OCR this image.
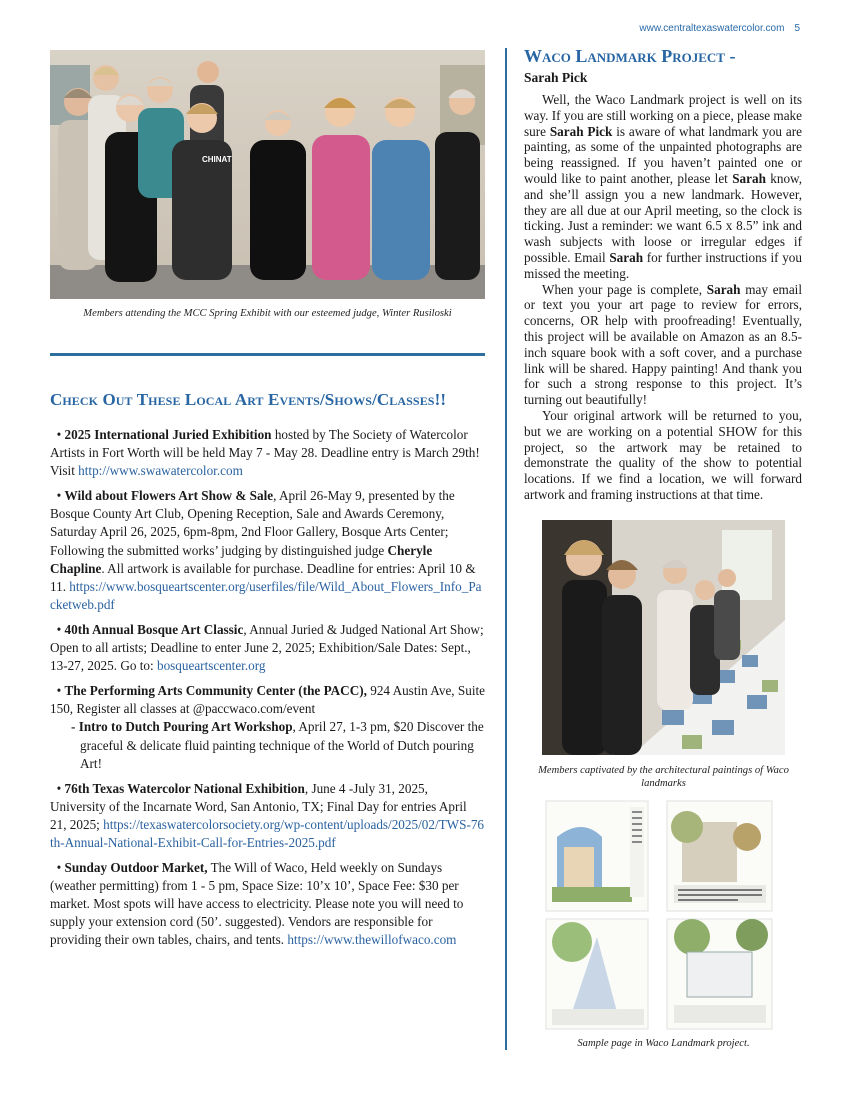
www.centraltexaswatercolor.com 5
CHINAT
Members attending the MCC Spring Exhibit with our esteemed judge, Winter Rusiloski
Check Out These Local Art Events/Shows/Classes!!
• 2025 International Juried Exhibition hosted by The Society of Watercolor Artists in Fort Worth will be held May 7 - May 28. Deadline entry is March 29th! Visit http://www.swawatercolor.com
• Wild about Flowers Art Show & Sale, April 26-May 9, presented by the Bosque County Art Club, Opening Reception, Sale and Awards Ceremony, Saturday April 26, 2025, 6pm-8pm, 2nd Floor Gallery, Bosque Arts Center; Following the submitted works’ judging by distinguished judge Cheryle Chapline. All artwork is available for purchase. Deadline for entries: April 10 & 11. https://www.bosqueartscenter.org/userfiles/file/Wild_About_Flowers_Info_Packetweb.pdf
• 40th Annual Bosque Art Classic, Annual Juried & Judged National Art Show; Open to all artists; Deadline to enter June 2, 2025; Exhibition/Sale Dates: Sept., 13-27, 2025. Go to: bosqueartscenter.org
• The Performing Arts Community Center (the PACC), 924 Austin Ave, Suite 150, Register all classes at @paccwaco.com/event
- Intro to Dutch Pouring Art Workshop, April 27, 1-3 pm, $20 Discover the graceful & delicate fluid painting technique of the World of Dutch pouring Art!
• 76th Texas Watercolor National Exhibition, June 4 -July 31, 2025, University of the Incarnate Word, San Antonio, TX; Final Day for entries April 21, 2025; https://texaswatercolorsociety.org/wp-content/uploads/2025/02/TWS-76th-Annual-National-Exhibit-Call-for-Entries-2025.pdf
• Sunday Outdoor Market, The Will of Waco, Held weekly on Sundays (weather permitting) from 1 - 5 pm, Space Size: 10’x 10’, Space Fee: $30 per market. Most spots will have access to electricity. Please note you will need to supply your extension cord (50’. suggested). Vendors are responsible for providing their own tables, chairs, and tents. https://www.thewillofwaco.com
Waco Landmark Project -
Sarah Pick

Well, the Waco Landmark project is well on its way. If you are still working on a piece, please make sure Sarah Pick is aware of what landmark you are painting, as some of the unpainted photographs are being reassigned. If you haven’t painted one or would like to paint another, please let Sarah know, and she’ll assign you a new landmark. However, they are all due at our April meeting, so the clock is ticking. Just a reminder: we want 6.5 x 8.5” ink and wash subjects with loose or irregular edges if possible. Email Sarah for further instructions if you missed the meeting.

When your page is complete, Sarah may email or text you your art page to review for errors, concerns, OR help with proofreading! Eventually, this project will be available on Amazon as an 8.5-inch square book with a soft cover, and a purchase link will be shared. Happy painting! And thank you for such a strong response to this project. It’s turning out beautifully!

Your original artwork will be returned to you, but we are working on a potential SHOW for this project, so the artwork may be retained to demonstrate the quality of the show to potential locations. If we find a location, we will forward artwork and framing instructions at that time.

Members captivated by the architectural paintings of Waco landmarks
Sample page in Waco Landmark project.
